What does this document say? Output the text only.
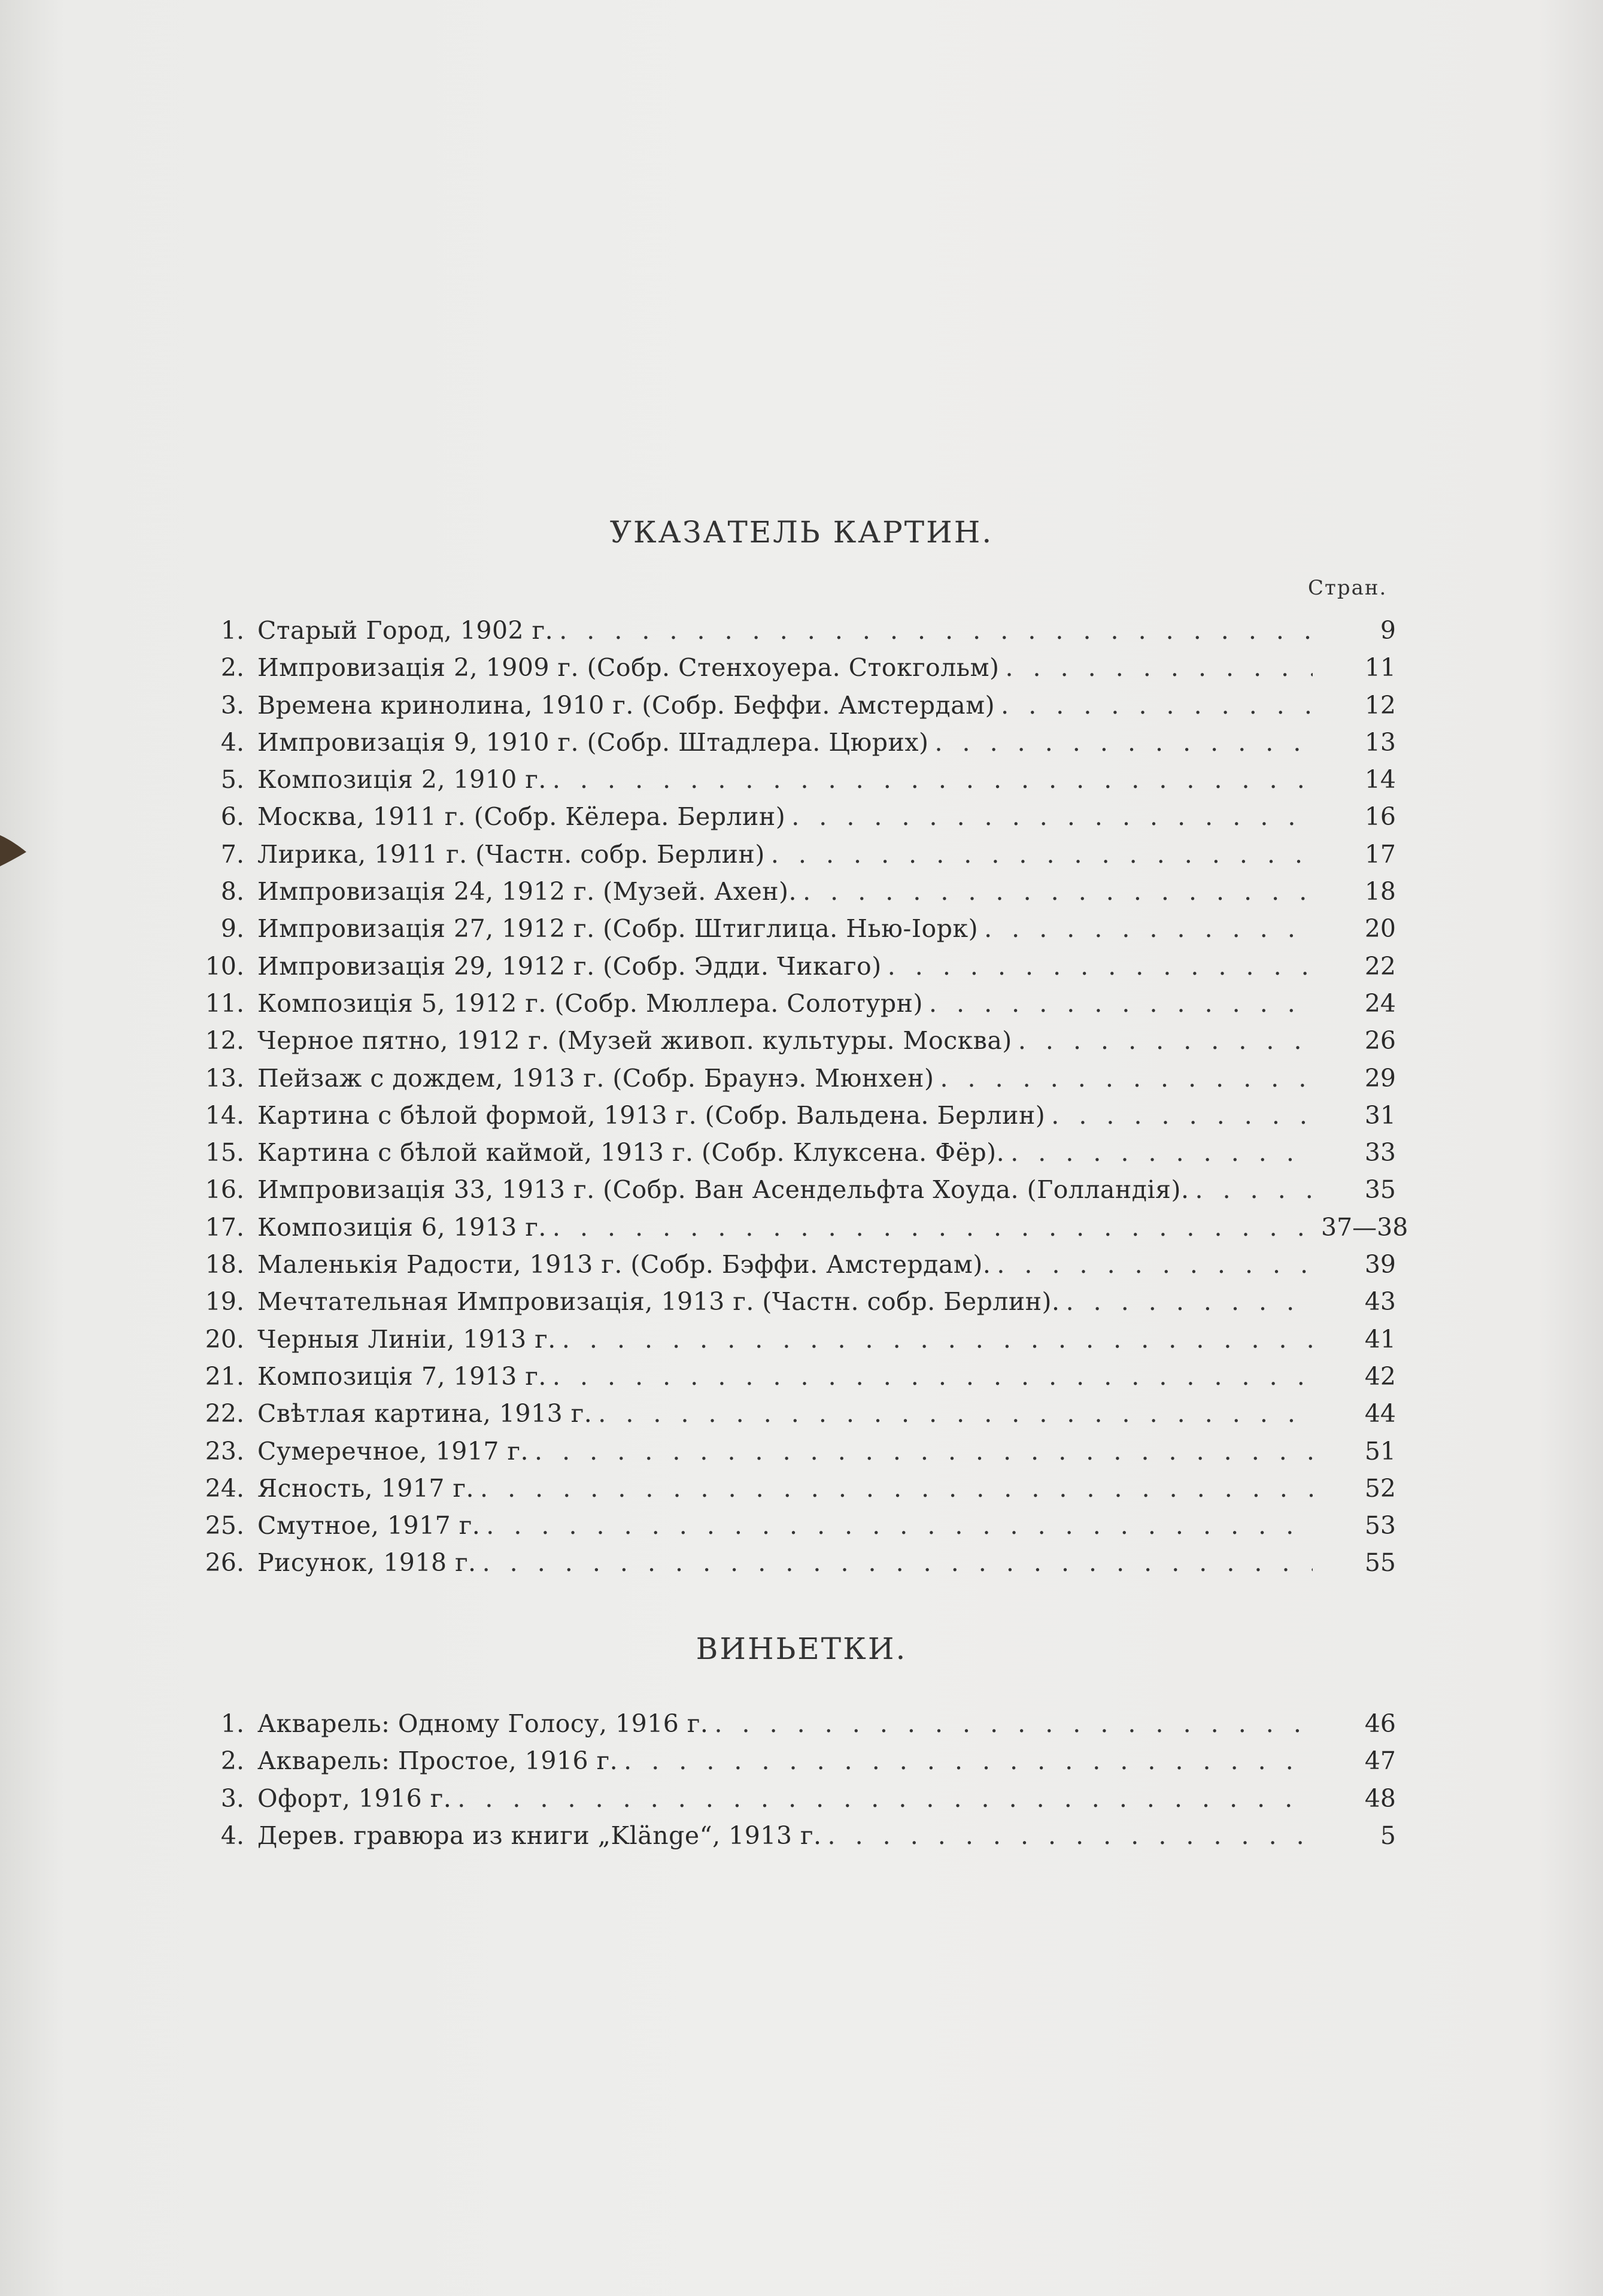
УКАЗАТЕЛЬ КАРТИН.
Стран.
1. Старый Город, 1902 г. . . .	9
2. Импровизація 2, 1909 г. (Собр. Стенхоуера. Стокгольм) . . .	11
3. Времена кринолина, 1910 г. (Собр. Беффи. Амстердам) . . .	12
4. Импровизація 9, 1910 г. (Собр. Штадлера. Цюрих) . . .	13
5. Композиція 2, 1910 г. . . .	14
6. Москва, 1911 г. (Собр. Кёлера. Берлин) . . .	16
7. Лирика, 1911 г. (Частн. собр. Берлин) . . .	17
8. Импровизація 24, 1912 г. (Музей. Ахен). . . .	18
9. Импровизація 27, 1912 г. (Собр. Штиглица. Нью-Іорк) . . .	20
10. Импровизація 29, 1912 г. (Собр. Эдди. Чикаго) . . .	22
11. Композиція 5, 1912 г. (Собр. Мюллера. Солотурн) . . .	24
12. Черное пятно, 1912 г. (Музей живоп. культуры. Москва) . . .	26
13. Пейзаж с дождем, 1913 г. (Собр. Браунэ. Мюнхен) . . .	29
14. Картина с бѣлой формой, 1913 г. (Собр. Вальдена. Берлин) . . .	31
15. Картина с бѣлой каймой, 1913 г. (Собр. Клуксена. Фёр). . . .	33
16. Импровизація 33, 1913 г. (Собр. Ван Асендельфта Хоуда. (Голландія). . . .	35
17. Композиція 6, 1913 г. . . .	37—38
18. Маленькія Радости, 1913 г. (Собр. Бэффи. Амстердам). . . .	39
19. Мечтательная Импровизація, 1913 г. (Частн. собр. Берлин). . . .	43
20. Черныя Линіи, 1913 г. . . .	41
21. Композиція 7, 1913 г. . . .	42
22. Свѣтлая картина, 1913 г. . . .	44
23. Сумеречное, 1917 г. . . .	51
24. Ясность, 1917 г. . . .	52
25. Смутное, 1917 г. . . .	53
26. Рисунок, 1918 г. . . .	55
ВИНЬЕТКИ.
1. Акварель: Одному Голосу, 1916 г. . . .	46
2. Акварель: Простое, 1916 г. . . .	47
3. Офорт, 1916 г. . . .	48
4. Дерев. гравюра из книги „Klänge“, 1913 г. . . .	5
